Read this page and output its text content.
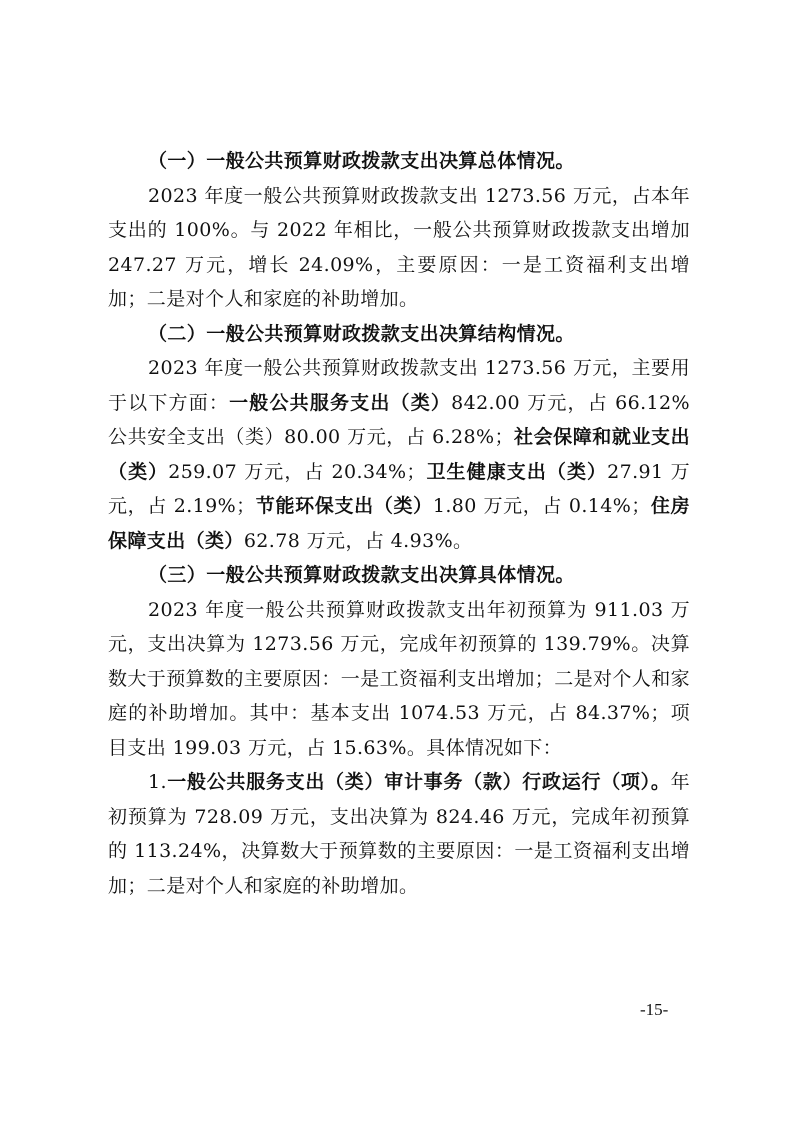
（一）一般公共预算财政拨款支出决算总体情况。

2023 年度一般公共预算财政拨款支出 1273.56 万元，占本年支出的 100%。与 2022 年相比，一般公共预算财政拨款支出增加 247.27 万元，增长 24.09%，主要原因：一是工资福利支出增加；二是对个人和家庭的补助增加。

（二）一般公共预算财政拨款支出决算结构情况。

2023 年度一般公共预算财政拨款支出 1273.56 万元，主要用于以下方面：一般公共服务支出（类）842.00 万元，占 66.12%公共安全支出（类）80.00 万元，占 6.28%；社会保障和就业支出（类）259.07 万元，占 20.34%；卫生健康支出（类）27.91 万元，占 2.19%；节能环保支出（类）1.80 万元，占 0.14%；住房保障支出（类）62.78 万元，占 4.93%。

（三）一般公共预算财政拨款支出决算具体情况。

2023 年度一般公共预算财政拨款支出年初预算为 911.03 万元，支出决算为 1273.56 万元，完成年初预算的 139.79%。决算数大于预算数的主要原因：一是工资福利支出增加；二是对个人和家庭的补助增加。其中：基本支出 1074.53 万元，占 84.37%；项目支出 199.03 万元，占 15.63%。具体情况如下：

1.一般公共服务支出（类）审计事务（款）行政运行（项）。年初预算为 728.09 万元，支出决算为 824.46 万元，完成年初预算的 113.24%，决算数大于预算数的主要原因：一是工资福利支出增加；二是对个人和家庭的补助增加。

-15-
